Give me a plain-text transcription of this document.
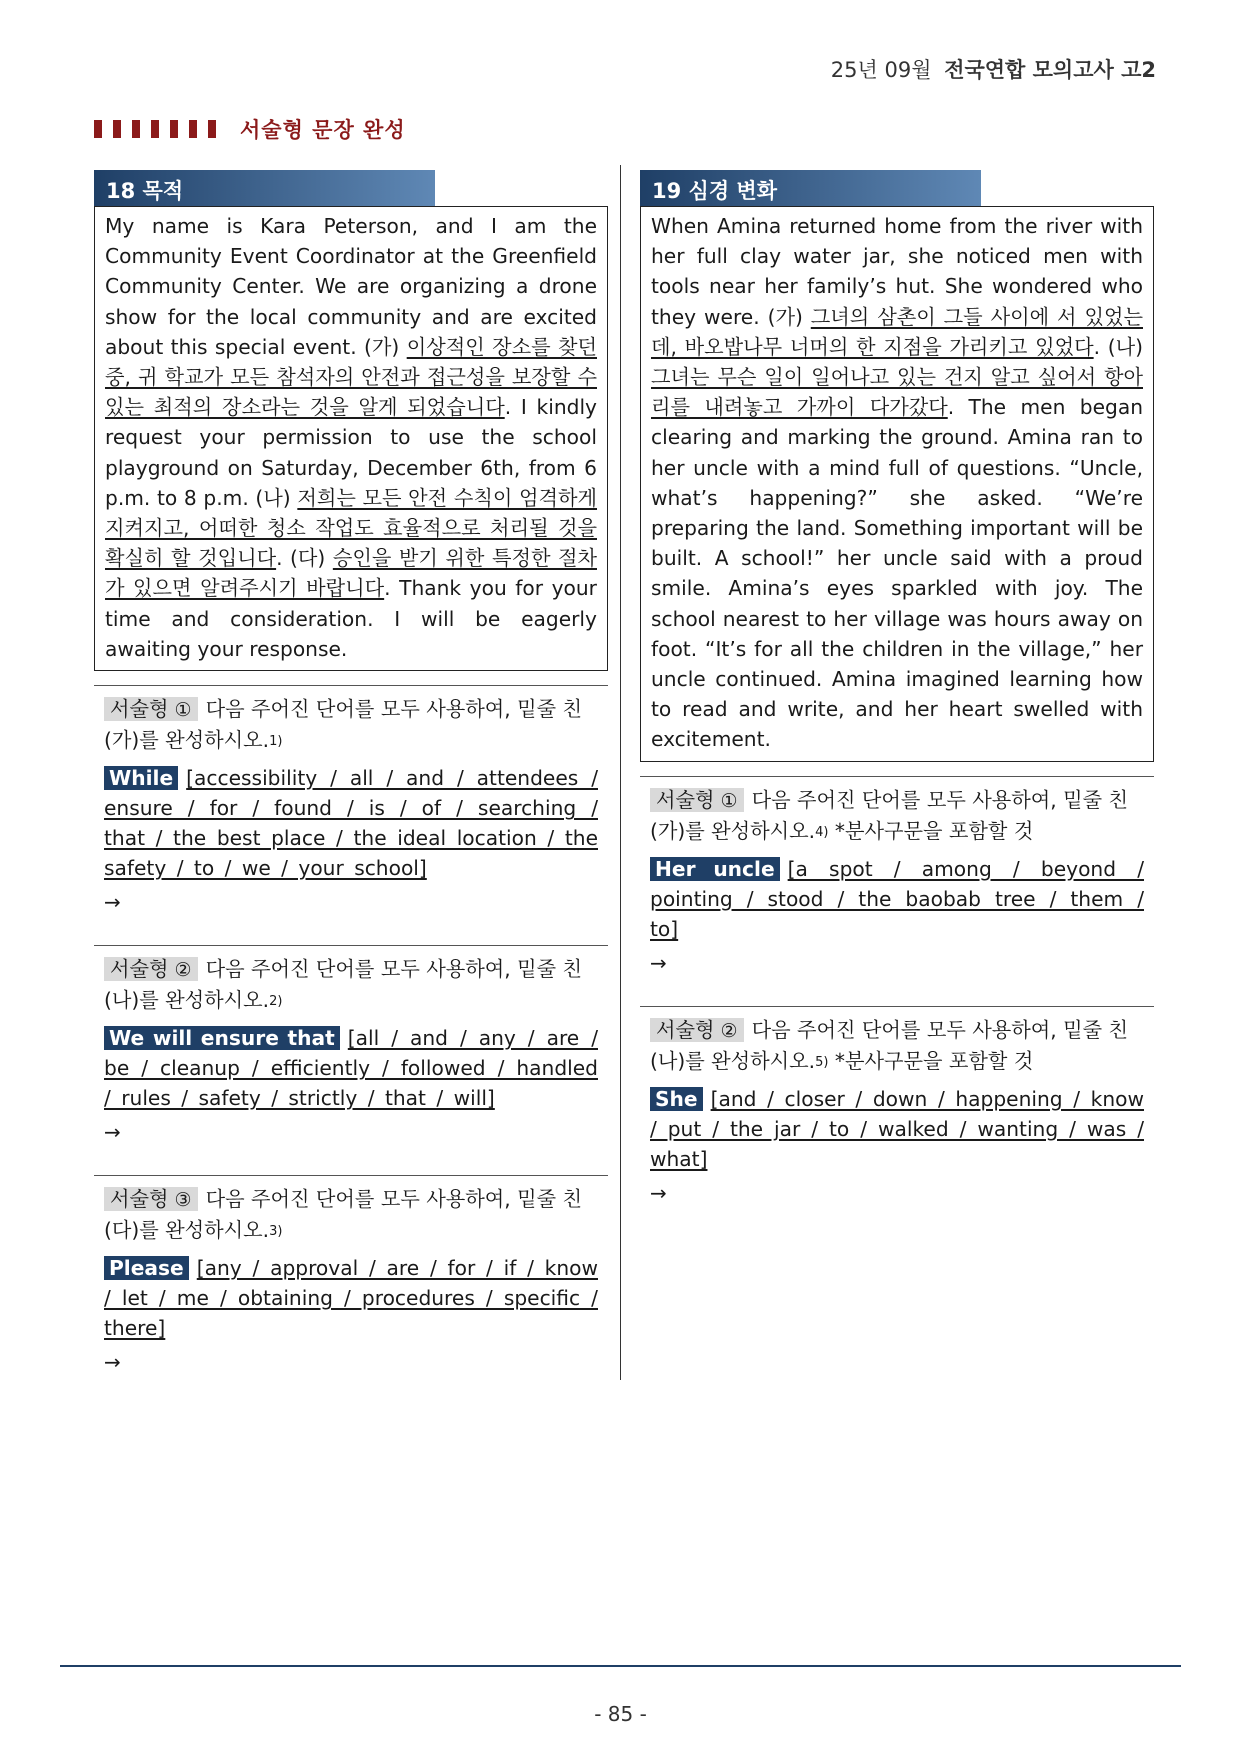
25년 09월 전국연합 모의고사 고2
서술형 문장 완성
18 목적
My name is Kara Peterson, and I am the Community Event Coordinator at the Greenfield Community Center. We are organizing a drone show for the local community and are excited about this special event. (가) 이상적인 장소를 찾던 중, 귀 학교가 모든 참석자의 안전과 접근성을 보장할 수 있는 최적의 장소라는 것을 알게 되었습니다. I kindly request your permission to use the school playground on Saturday, December 6th, from 6 p.m. to 8 p.m. (나) 저희는 모든 안전 수칙이 엄격하게 지켜지고, 어떠한 청소 작업도 효율적으로 처리될 것을 확실히 할 것입니다. (다) 승인을 받기 위한 특정한 절차가 있으면 알려주시기 바랍니다. Thank you for your time and consideration. I will be eagerly awaiting your response.
서술형 ① 다음 주어진 단어를 모두 사용하여, 밑줄 친 (가)를 완성하시오.1)
While [accessibility / all / and / attendees / ensure / for / found / is / of / searching / that / the best place / the ideal location / the safety / to / we / your school]
→
서술형 ② 다음 주어진 단어를 모두 사용하여, 밑줄 친 (나)를 완성하시오.2)
We will ensure that [all / and / any / are / be / cleanup / efficiently / followed / handled / rules / safety / strictly / that / will]
→
서술형 ③ 다음 주어진 단어를 모두 사용하여, 밑줄 친 (다)를 완성하시오.3)
Please [any / approval / are / for / if / know / let / me / obtaining / procedures / specific / there]
→
19 심경 변화
When Amina returned home from the river with her full clay water jar, she noticed men with tools near her family’s hut. She wondered who they were. (가) 그녀의 삼촌이 그들 사이에 서 있었는데, 바오밥나무 너머의 한 지점을 가리키고 있었다. (나) 그녀는 무슨 일이 일어나고 있는 건지 알고 싶어서 항아리를 내려놓고 가까이 다가갔다. The men began clearing and marking the ground. Amina ran to her uncle with a mind full of questions. “Uncle, what’s happening?” she asked. “We’re preparing the land. Something important will be built. A school!” her uncle said with a proud smile. Amina’s eyes sparkled with joy. The school nearest to her village was hours away on foot. “It’s for all the children in the village,” her uncle continued. Amina imagined learning how to read and write, and her heart swelled with excitement.
서술형 ① 다음 주어진 단어를 모두 사용하여, 밑줄 친 (가)를 완성하시오.4) *분사구문을 포함할 것
Her uncle [a spot / among / beyond / pointing / stood / the baobab tree / them / to]
→
서술형 ② 다음 주어진 단어를 모두 사용하여, 밑줄 친 (나)를 완성하시오.5) *분사구문을 포함할 것
She [and / closer / down / happening / know / put / the jar / to / walked / wanting / was / what]
→
- 85 -
